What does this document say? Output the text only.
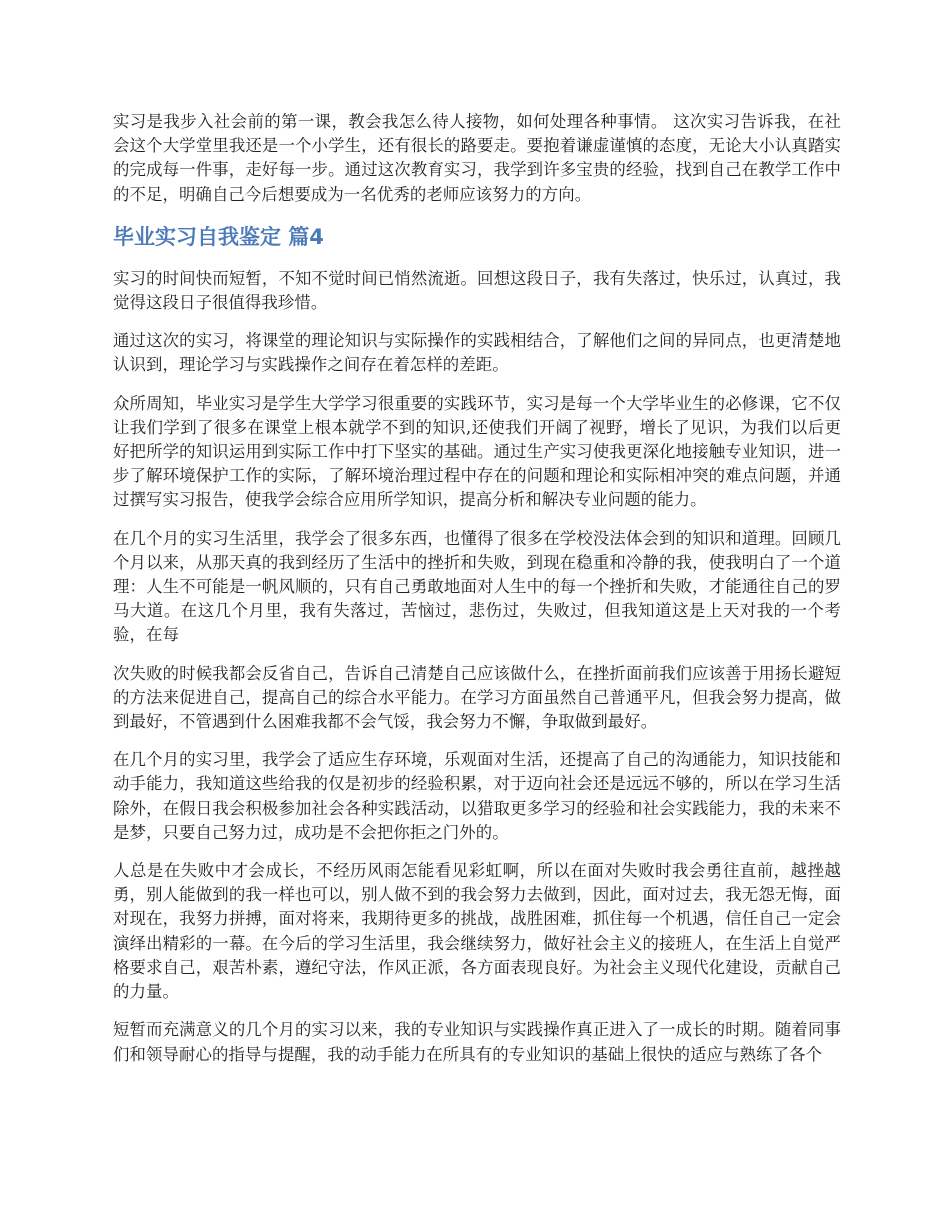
实习是我步入社会前的第一课，教会我怎么待人接物，如何处理各种事情。 这次实习告诉我，在社会这个大学堂里我还是一个小学生，还有很长的路要走。要抱着谦虚谨慎的态度，无论大小认真踏实的完成每一件事，走好每一步。通过这次教育实习，我学到许多宝贵的经验，找到自己在教学工作中的不足，明确自己今后想要成为一名优秀的老师应该努力的方向。

毕业实习自我鉴定 篇4

实习的时间快而短暂，不知不觉时间已悄然流逝。回想这段日子，我有失落过，快乐过，认真过，我觉得这段日子很值得我珍惜。

通过这次的实习，将课堂的理论知识与实际操作的实践相结合，了解他们之间的异同点，也更清楚地认识到，理论学习与实践操作之间存在着怎样的差距。

众所周知，毕业实习是学生大学学习很重要的实践环节，实习是每一个大学毕业生的必修课，它不仅让我们学到了很多在课堂上根本就学不到的知识,还使我们开阔了视野，增长了见识，为我们以后更好把所学的知识运用到实际工作中打下坚实的基础。通过生产实习使我更深化地接触专业知识，进一步了解环境保护工作的实际，了解环境治理过程中存在的问题和理论和实际相冲突的难点问题，并通过撰写实习报告，使我学会综合应用所学知识，提高分析和解决专业问题的能力。

在几个月的实习生活里，我学会了很多东西，也懂得了很多在学校没法体会到的知识和道理。回顾几个月以来，从那天真的我到经历了生活中的挫折和失败，到现在稳重和冷静的我，使我明白了一个道理：人生不可能是一帆风顺的，只有自己勇敢地面对人生中的每一个挫折和失败，才能通往自己的罗马大道。在这几个月里，我有失落过，苦恼过，悲伤过，失败过，但我知道这是上天对我的一个考验，在每

次失败的时候我都会反省自己，告诉自己清楚自己应该做什么，在挫折面前我们应该善于用扬长避短的方法来促进自己，提高自己的综合水平能力。在学习方面虽然自己普通平凡，但我会努力提高，做到最好，不管遇到什么困难我都不会气馁，我会努力不懈，争取做到最好。

在几个月的实习里，我学会了适应生存环境，乐观面对生活，还提高了自己的沟通能力，知识技能和动手能力，我知道这些给我的仅是初步的经验积累，对于迈向社会还是远远不够的，所以在学习生活除外，在假日我会积极参加社会各种实践活动，以猎取更多学习的经验和社会实践能力，我的未来不是梦，只要自己努力过，成功是不会把你拒之门外的。

人总是在失败中才会成长，不经历风雨怎能看见彩虹啊，所以在面对失败时我会勇往直前，越挫越勇，别人能做到的我一样也可以，别人做不到的我会努力去做到，因此，面对过去，我无怨无悔，面对现在，我努力拼搏，面对将来，我期待更多的挑战，战胜困难，抓住每一个机遇，信任自己一定会演绎出精彩的一幕。在今后的学习生活里，我会继续努力，做好社会主义的接班人，在生活上自觉严格要求自己，艰苦朴素，遵纪守法，作风正派，各方面表现良好。为社会主义现代化建设，贡献自己的力量。

短暂而充满意义的几个月的实习以来，我的专业知识与实践操作真正进入了一成长的时期。随着同事们和领导耐心的指导与提醒，我的动手能力在所具有的专业知识的基础上很快的适应与熟练了各个
